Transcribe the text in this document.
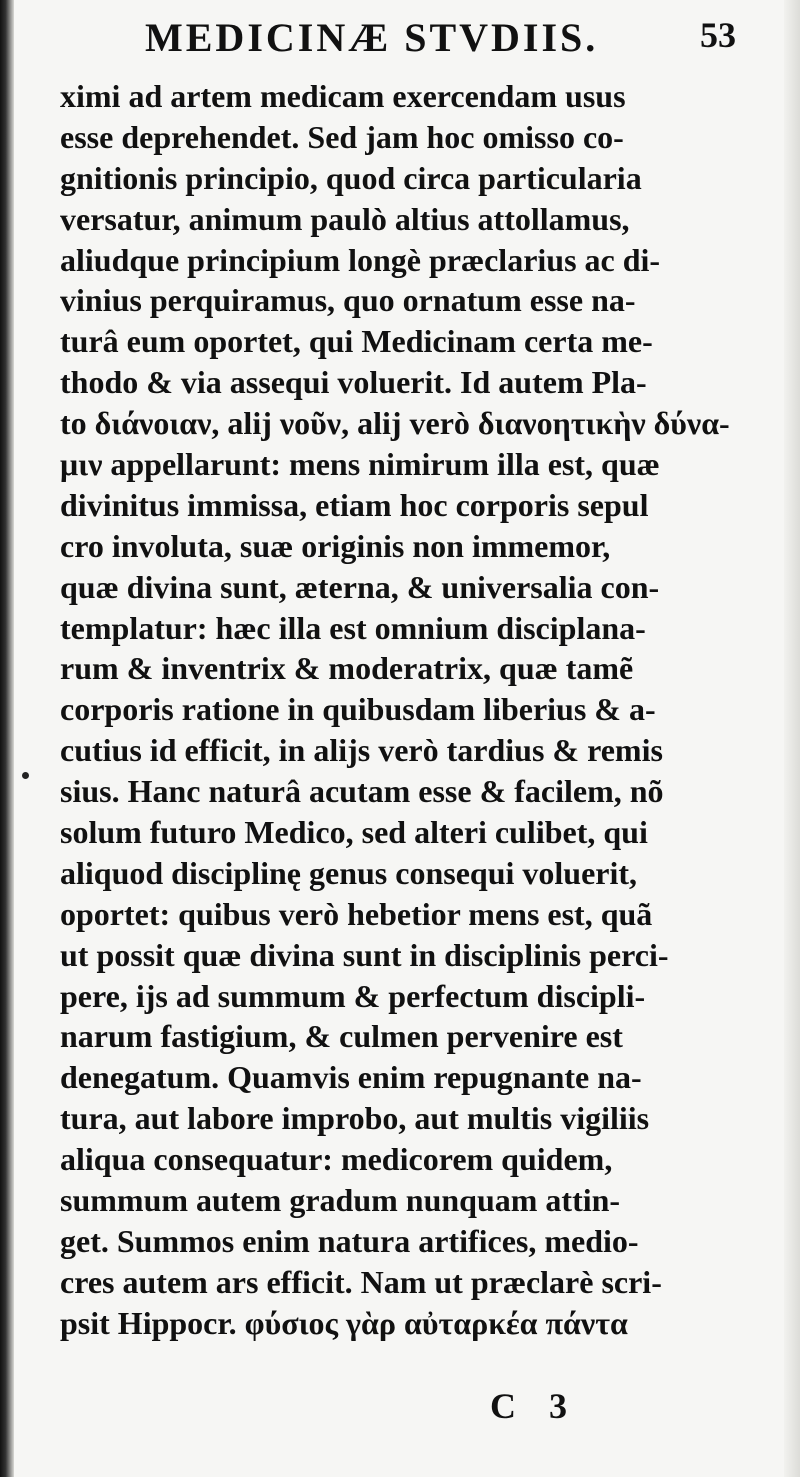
MEDICINÆ STVDIIS.	53
ximi ad artem medicam exercendam usus
esse deprehendet. Sed jam hoc omisso co-
gnitionis principio, quod circa particularia
versatur, animum paulò altius attollamus,
aliudque principium longè præclarius ac di-
vinius perquiramus, quo ornatum esse na-
turâ eum oportet, qui Medicinam certa me-
thodo & via assequi voluerit. Id autem Pla-
to διάνοιαν, alij νοῦν, alij verò διανοητικὴν δύνα-
μιν appellarunt: mens nimirum illa est, quæ
divinitus immissa, etiam hoc corporis sepul
cro involuta, suæ originis non immemor,
quæ divina sunt, æterna, & universalia con-
templatur: hæc illa est omnium disciplana-
rum & inventrix & moderatrix, quæ tamẽ
corporis ratione in quibusdam liberius & a-
cutius id efficit, in alijs verò tardius & remis
sius. Hanc naturâ acutam esse & facilem, nõ
solum futuro Medico, sed alteri culibet, qui
aliquod disciplinę genus consequi voluerit,
oportet: quibus verò hebetior mens est, quã
ut possit quæ divina sunt in disciplinis perci-
pere, ijs ad summum & perfectum discipli-
narum fastigium, & culmen pervenire est
denegatum. Quamvis enim repugnante na-
tura, aut labore improbo, aut multis vigiliis
aliqua consequatur: medicorem quidem,
summum autem gradum nunquam attin-
get. Summos enim natura artifices, medio-
cres autem ars efficit. Nam ut præclarè scri-
psit Hippocr. φύσιος γὰρ αὐταρκέα πάντα
C 3
